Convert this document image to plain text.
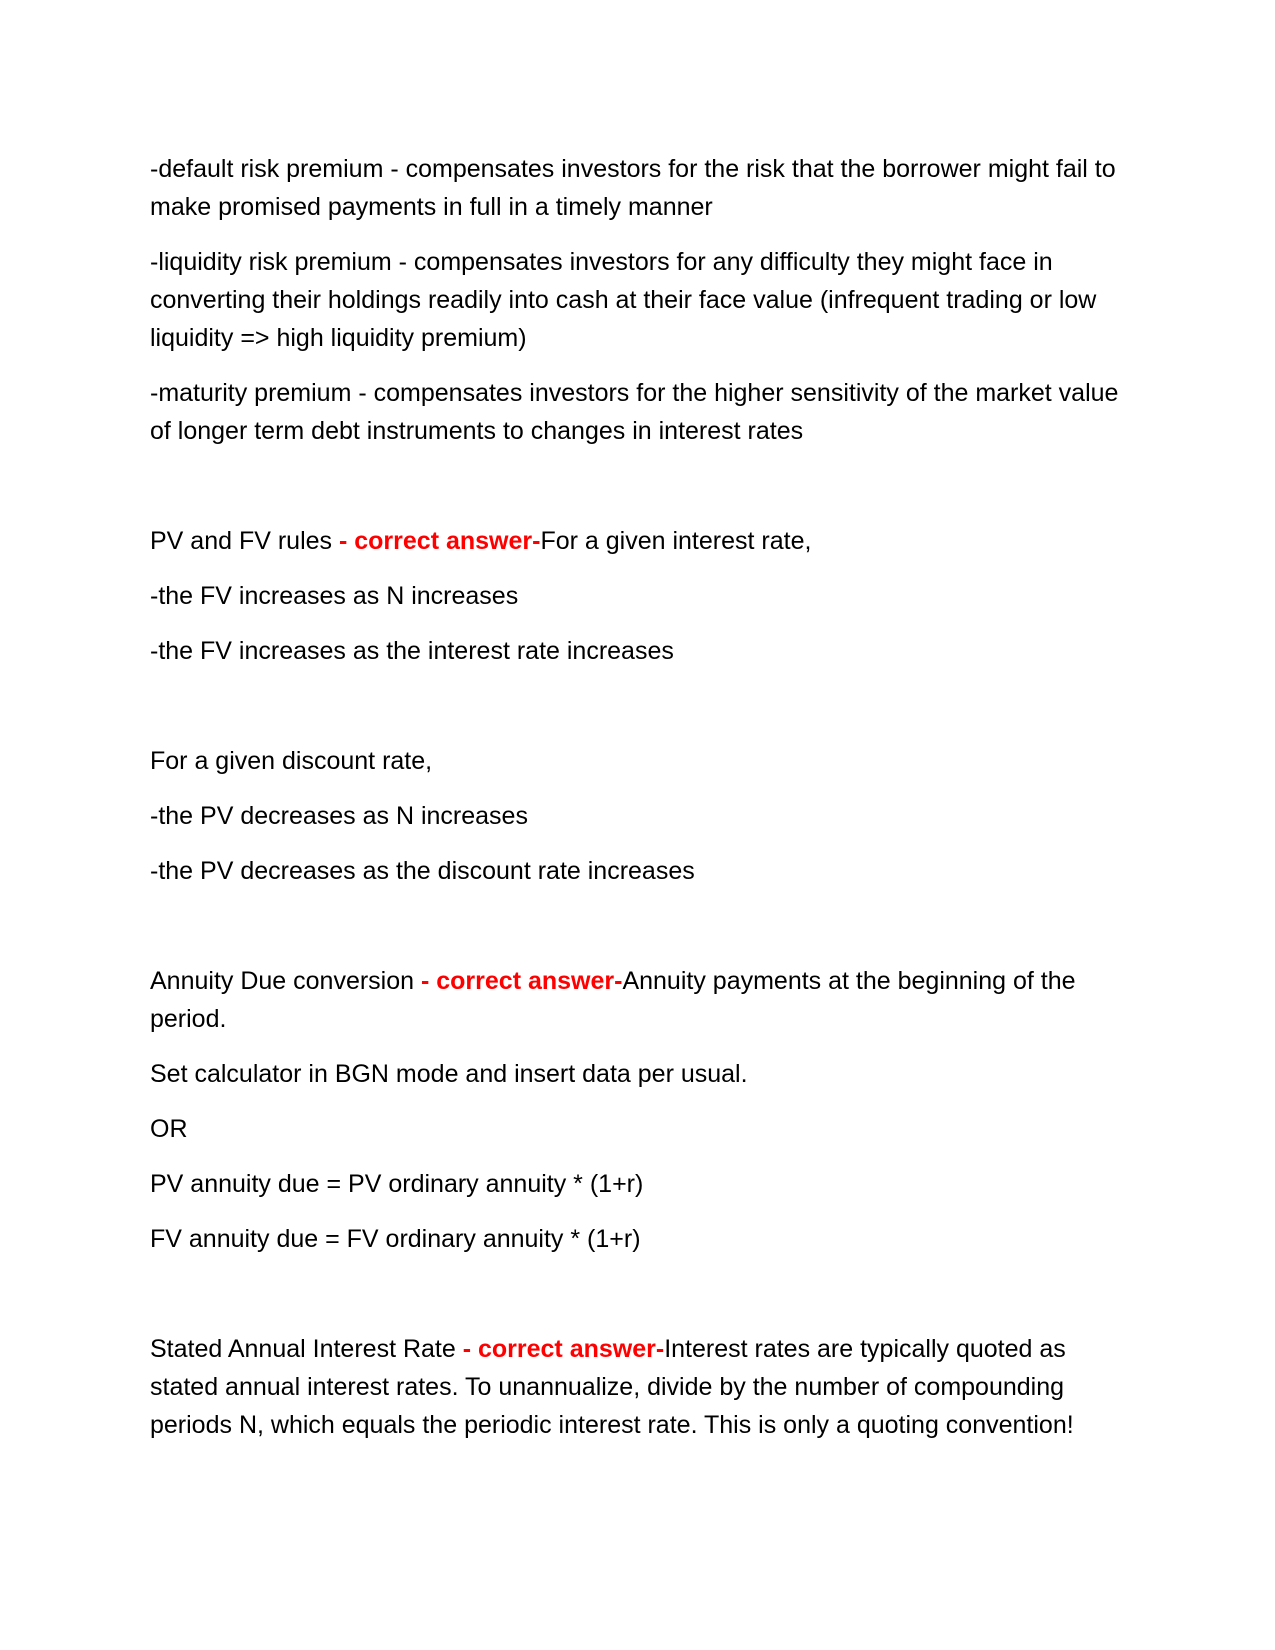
-default risk premium - compensates investors for the risk that the borrower might fail to make promised payments in full in a timely manner

-liquidity risk premium - compensates investors for any difficulty they might face in converting their holdings readily into cash at their face value (infrequent trading or low liquidity => high liquidity premium)

-maturity premium - compensates investors for the higher sensitivity of the market value of longer term debt instruments to changes in interest rates

PV and FV rules - correct answer-For a given interest rate,

-the FV increases as N increases

-the FV increases as the interest rate increases

For a given discount rate,

-the PV decreases as N increases

-the PV decreases as the discount rate increases

Annuity Due conversion - correct answer-Annuity payments at the beginning of the period.

Set calculator in BGN mode and insert data per usual.

OR

PV annuity due = PV ordinary annuity * (1+r)

FV annuity due = FV ordinary annuity * (1+r)

Stated Annual Interest Rate - correct answer-Interest rates are typically quoted as stated annual interest rates. To unannualize, divide by the number of compounding periods N, which equals the periodic interest rate. This is only a quoting convention!
